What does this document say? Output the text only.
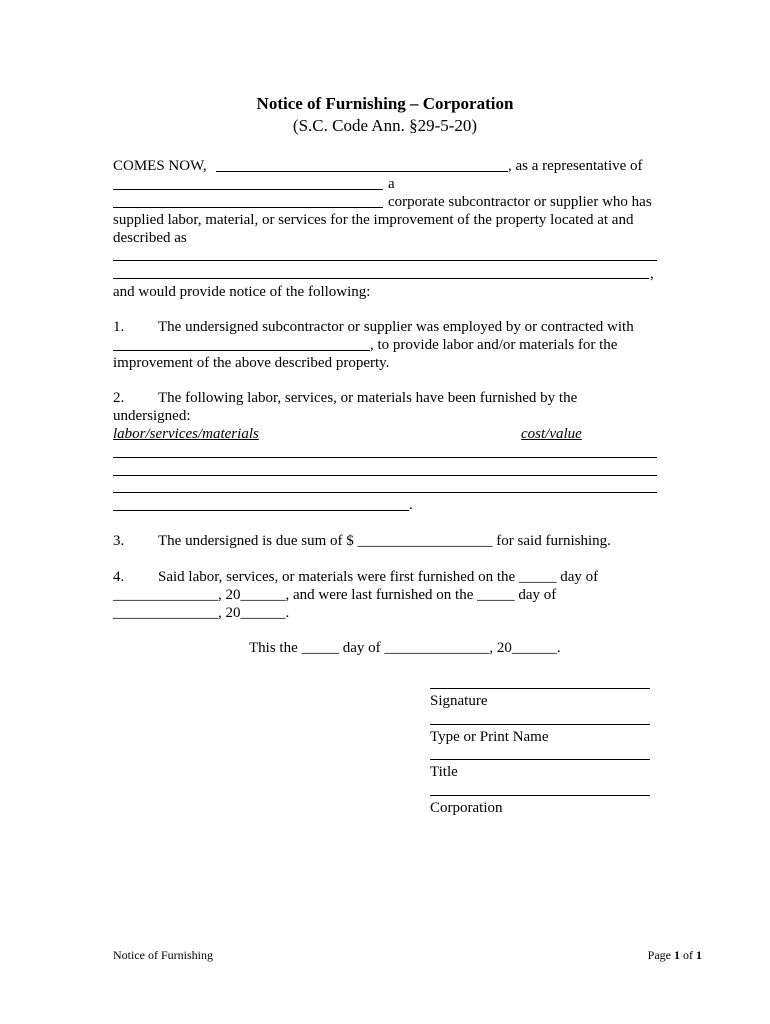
Notice of Furnishing – Corporation
(S.C. Code Ann. §29-5-20)
COMES NOW,	, as a representative of
a
corporate subcontractor or supplier who has
supplied labor, material, or services for the improvement of the property located at and
described as
,
and would provide notice of the following:
1. The undersigned subcontractor or supplier was employed by or contracted with
, to provide labor and/or materials for the
improvement of the above described property.
2. The following labor, services, or materials have been furnished by the
undersigned:
labor/services/materials	cost/value
.
3. The undersigned is due sum of $ __________________ for said furnishing.
4. Said labor, services, or materials were first furnished on the _____ day of
______________, 20______, and were last furnished on the _____ day of
______________, 20______.
This the _____ day of ______________, 20______.
Signature
Type or Print Name
Title
Corporation
Notice of Furnishing	Page 1 of 1
